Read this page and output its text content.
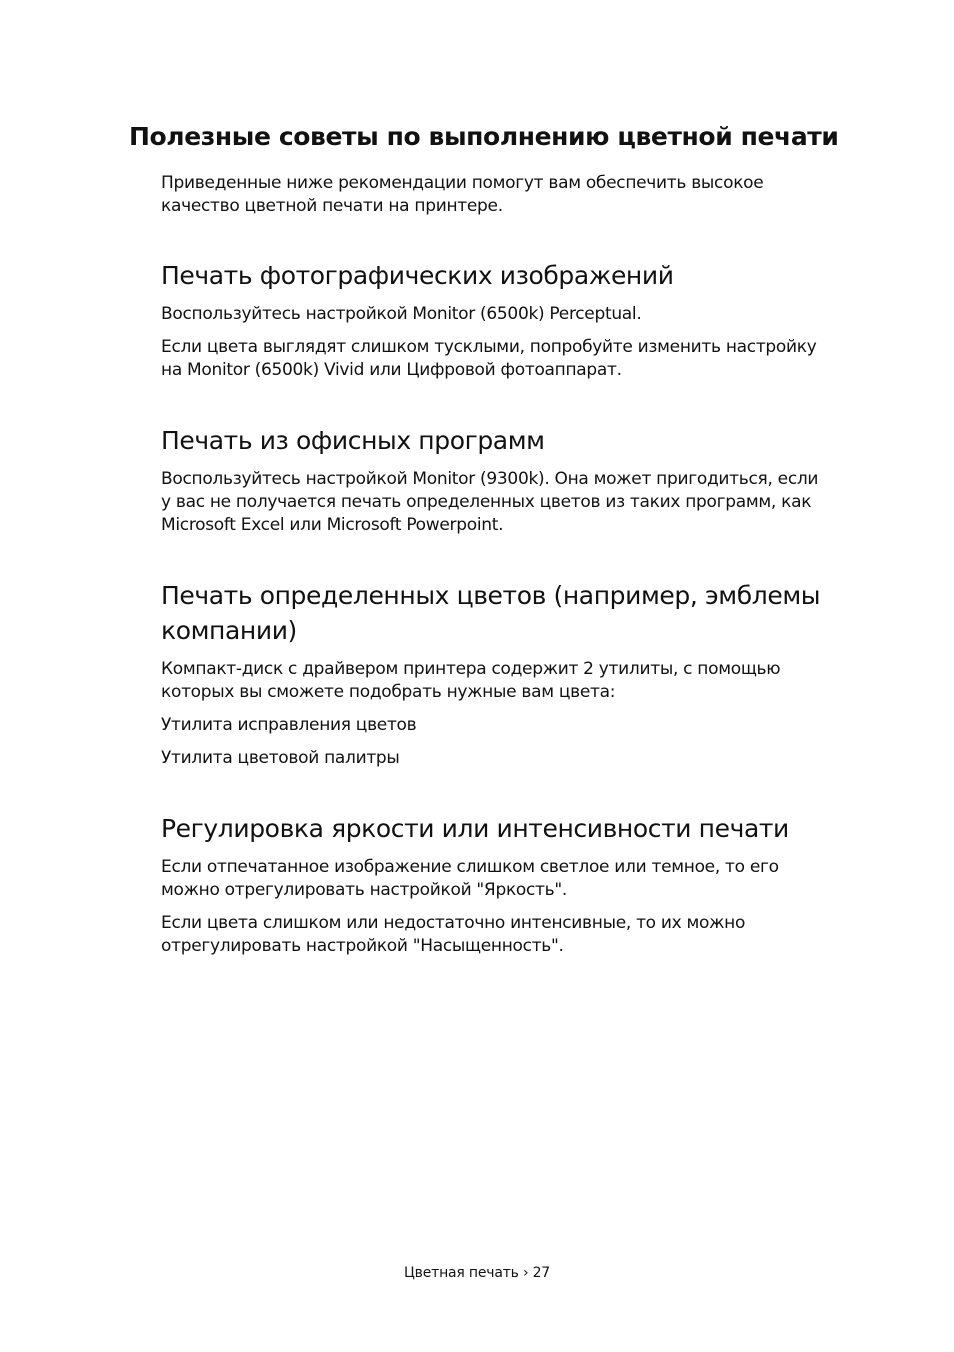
Полезные советы по выполнению цветной печати

Приведенные ниже рекомендации помогут вам обеспечить высокое качество цветной печати на принтере.

Печать фотографических изображений

Воспользуйтесь настройкой Monitor (6500k) Perceptual.

Если цвета выглядят слишком тусклыми, попробуйте изменить настройку на Monitor (6500k) Vivid или Цифровой фотоаппарат.

Печать из офисных программ

Воспользуйтесь настройкой Monitor (9300k). Она может пригодиться, если у вас не получается печать определенных цветов из таких программ, как Microsoft Excel или Microsoft Powerpoint.

Печать определенных цветов (например, эмблемы компании)

Компакт-диск с драйвером принтера содержит 2 утилиты, с помощью которых вы сможете подобрать нужные вам цвета:

Утилита исправления цветов

Утилита цветовой палитры

Регулировка яркости или интенсивности печати

Если отпечатанное изображение слишком светлое или темное, то его можно отрегулировать настройкой "Яркость".

Если цвета слишком или недостаточно интенсивные, то их можно отрегулировать настройкой "Насыщенность".

Цветная печать › 27
